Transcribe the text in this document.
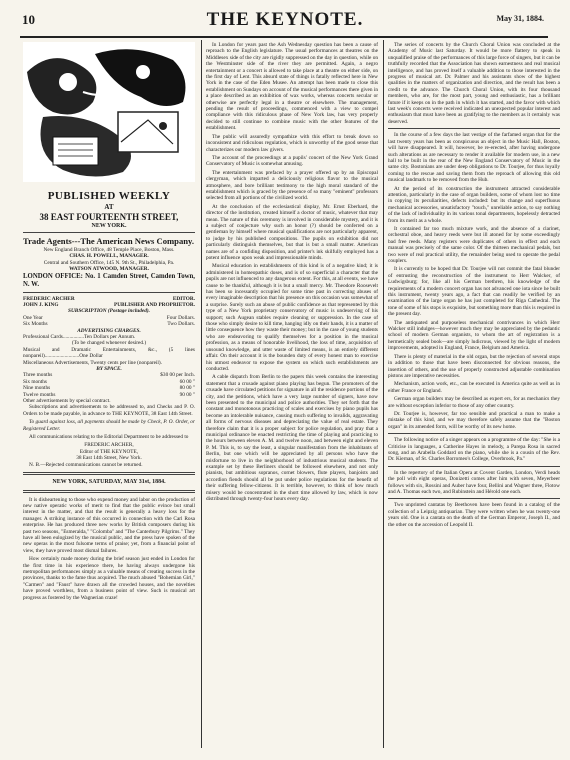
10	THE KEYNOTE.	May 31, 1884.
PUBLISHED WEEKLY
AT
38 EAST FOURTEENTH STREET,
NEW YORK.
Trade Agents---The American News Company.
New England Branch Office, 48 Temple Place, Boston, Mass.
CHAS. H. POWELL, MANAGER.
Central and Southern Office, 145 N. 9th St., Philadelphia, Pa.
WATSON ATWOOD, MANAGER.
LONDON OFFICE: No. 1 Camden Street, Camden Town, N. W.
FREDERIC ARCHER	EDITOR.
JOHN J. KING	PUBLISHER AND PROPRIETOR.
SUBSCRIPTION (Postage included).
One Year	Four Dollars.
Six Months	Two Dollars.
ADVERTISING CHARGES.
Professional Cards................Ten Dollars per Annum.
(To be changed whenever desired.)
Musical and Dramatic Entertainments, &c., (5 lines nonpareil)..........................One Dollar
Miscellaneous Advertisements, Twenty cents per line (nonpareil).
BY SPACE.
Three months	$30 00 per Inch.
Six months	60 00 "
Nine months	80 00 "
Twelve months	90 00 "
Other advertisements by special contract.

Subscriptions and advertisements to be addressed to, and Checks and P. O. Orders to be made payable, in advance to THE KEYNOTE, 38 East 14th Street.

To guard against loss, all payments should be made by Check, P. O. Order, or Registered Letter.

All communications relating to the Editorial Department to be addressed to

FREDERIC ARCHER,
Editor of THE KEYNOTE,
38 East 14th Street, New York.

N. B.—Rejected communications cannot be returned.

NEW YORK, SATURDAY, MAY 31st, 1884.

It is disheartening to those who expend money and labor on the production of new native operatic works of merit to find that the public evince but small interest in the matter, and that the result is generally a heavy loss for the manager. A striking instance of this occurred in connection with the Carl Rosa enterprise. He has produced three new works by British composers during his past two seasons, "Esmeralda," "Colomba" and "The Canterbury Pilgrims." They have all been eulogized by the musical public, and the press have spoken of the new operas in the most fulsome terms of praise; yet, from a financial point of view, they have proved most dismal failures.

How certainly made money during the brief season just ended in London for the first time in his experience there, he having always undergone his metropolitan performances simply as a valuable means of creating success in the provinces, thanks to the fame thus acquired. The much abused "Bohemian Girl," "Carmen" and "Faust" have drawn all the crowded houses, and the novelties have proved worthless, from a business point of view. Such is musical art progress as fostered by the Wagnerian craze!

In London for years past the Ash Wednesday question has been a cause of reproach to the English legislature. The usual performances at theatres on the Middlesex side of the city are rigidly suppressed on the day in question, while on the Westminster side of the river they are permitted. Again, a negro entertainment or a concert is allowed to take place at a theatre on either side, on the first day of Lent. This absurd state of things is fatally reflected here in New York in the case of the Eden Musee. An attempt has been made to close this establishment on Sundays on account of the musical performances there given in a place described as an exhibition of wax works, whereas concerts secular or otherwise are perfectly legal in a theatre or elsewhere. The management, pending the result of proceedings, commenced with a view to compel compliance with this ridiculous phase of New York law, has very properly decided to still continue to combine music with the other features of the establishment.

The public will assuredly sympathize with this effort to break down so inconsistent and ridiculous regulation, which is unworthy of the good sense that characterizes our modern law givers.

The account of the proceedings at a pupils' concert of the New York Grand Conservatory of Music is somewhat amusing.

The entertainment was prefaced by a prayer offered up by an Episcopal clergyman, which imparted a deliciously religious flavor to the musical atmosphere, and bore brilliant testimony to the high moral standard of the establishment which is graced by the presence of so many "eminent" professors selected from all portions of the civilized world.

At the conclusion of the ecclesiastical display, Mr. Ernst Eberhard, the director of the institution, created himself a doctor of music, whatever that may mean. The nature of this ceremony is involved in considerable mystery, and it is a subject of conjecture why such an honor (?) should be conferred on a gentleman by himself where musical qualifications are not particularly apparent, to judge by his published compositions. The pupils on exhibition did not particularly distinguish themselves, but that is but a small matter. American names are of a confiding disposition, and printer's ink skilfully employed has a potent influence upon weak and impressionable minds.

Musical education in establishments of this kind is of a negative kind; it is administered in homeopathic doses, and is of so superficial a character that the pupils are not influenced to any dangerous extent. For this, at all events, we have cause to be thankful, although it is but a small mercy. Mr. Theodore Roosevelt has been so incessantly occupied for some time past in correcting abuses of every imaginable description that his presence on this occasion was somewhat of a surprise. Surely such an abuse of public confidence as that represented by this type of a New York proprietary conservatory of music is undeserving of his support; such Augean stables require cleaning or suppression. In the case of those who simply desire to kill time, hanging idly on their hands, it is a matter of little consequence how they waste their money; but in the case of young students who are endeavoring to qualify themselves for a position in the musical profession, as a means of honorable livelihood, the loss of time, acquisition of unsound knowledge, and utter waste of limited means, is an entirely different affair. On their account it is the bounden duty of every honest man to exercise his utmost endeavor to expose the system on which such establishments are conducted.

A cable dispatch from Berlin to the papers this week contains the interesting statement that a crusade against piano playing has begun. The promoters of the crusade have circulated petitions for signature in all the residence portions of the city, and the petitions, which have a very large number of signers, have now been presented to the municipal and police authorities. They set forth that the constant and monotonous practicing of scales and exercises by piano pupils has become an intolerable nuisance, causing much suffering to invalids, aggravating all forms of nervous diseases and depreciating the value of real estate. They therefore claim that it is a proper subject for police regulation, and pray that a municipal ordinance be enacted restricting the time of playing and practicing to the hours between eleven A. M. and twelve noon, and between eight and eleven P. M. This is, to say the least, a singular manifestation from the inhabitants of Berlin, but one which will be appreciated by all persons who have the misfortune to live in the neighborhood of industrious musical students. The example set by these Berliners should be followed elsewhere, and not only pianists, but ambitious sopranos, cornet blowers, flute players, banjoists and accordion fiends should all be put under police regulations for the benefit of their suffering fellow-citizens. It is terrible, however, to think of how much misery would be concentrated in the short time allowed by law, which is now distributed through twenty-four hours every day.

The series of concerts by the Church Choral Union was concluded at the Academy of Music last Saturday. It would be more flattery to speak in unqualified praise of the performances of this large force of singers, but it can be truthfully recorded that the Association has shown earnestness and real musical intelligence, and has proved itself a valuable addition to those interested in the progress of musical art. Dr. Palmer and his assistants show of the highest qualities in the matters of organization and direction, and the result has been a credit to the advance. The Church Choral Union, with its four thousand members, who are, for the most part, young and enthusiastic, has a brilliant future if it keeps on in the path in which it has started, and the favor with which last week's concerts were received indicated an unexpected popular interest and enthusiasm that must have been as gratifying to the members as it certainly was deserved.

In the course of a few days the last vestige of the farfamed organ that for the last twenty years has been as conspicuous an object in the Music Hall, Boston, will have disappeared. It will, however, be re-erected, after having undergone such alterations as are necessary to render it available for modern use, in a new hall to be built in the rear of the New England Conservatory of Music in the same city. Bostonians are under deep obligations to Dr. Tourjee, for thus loyally coming to the rescue and saving them from the reproach of allowing this old musical landmark to be removed from the Hub.

At the period of its construction the instrument attracted considerable attention, particularly in the case of organ builders, some of whom lost no time in copying its peculiarities, defects included: but its change and superfluous mechanical accessories, unsatisfactory "touch," unreliable action, to say nothing of the lack of individuality in its various tonal departments, hopelessly detracted from its merit as a whole.

It contained far too much mixture work, and the absence of a clarinet, orchestral oboe, and heavy reeds were but ill atoned for by some exceedingly bad free reeds. Many registers were duplicates of others in effect and each manual was precisely of the same color. Of the thirteen mechanical pedals, but two were of real practical utility, the remainder being used to operate the pedal couplers.

It is currently to be hoped that Dr. Tourjee will not commit the fatal blunder of entrusting the reconstruction of the instrument to Herr Walcker, of Ludwigsburg; for, like all his German brethren, his knowledge of the requirements of a modern concert organ has not advanced one iota since he built this instrument, twenty years ago, a fact that can readily be verified by an examination of the large organ he has just completed for Riga Cathedral. The tone of some of his stops is exquisite, but something more than this is required in the present day.

The antiquated and purposeless mechanical contrivances in which Herr Walcker still indulges—however much they may be appreciated by the pedantic school of modern German organists, to whom the art of registration is a hermetically sealed book—are simply ludicrous, viewed by the light of modern improvements, adopted in England, France, Belgium and America.

There is plenty of material in the old organ, but the rejection of several stops in addition to those that have been disconnected for obvious reasons, the insertion of others, and the use of properly constructed adjustable combination pistons are imperative necessities.

Mechanism, action work, etc., can be executed in America quite as well as in either France or England.

German organ builders may be described as expert ers, for as mechanics they are without exception inferior to those of any other country.

Dr. Tourjee is, however, far too sensible and practical a man to make a mistake of this kind, and we may therefore safely assume that the "Boston organ" in its amended form, will be worthy of its new home.

The following notice of a singer appears on a programme of the day: "She is a Criticise in languages, a Catherine Hayes in melody, a Parepa Rosa in sacred song, and an Arabella Goddard on the piano, while she is a cousin of the Rev. Dr. Kiernan, of St. Charles Borromeo's College, Overbrook, Pa."

In the repertory of the Italian Opera at Covent Garden, London, Verdi heads the poll with eight operas, Donizetti comes after him with seven, Meyerbeer follows with six, Rossini and Auber have four, Bellini and Wagner three, Flotow and A. Thomas each two, and Rubinstein and Hérold one each.

Two unprinted cantatas by Beethoven have been found in a catalog of the collection of a Leipzig antiquarian. They were written when he was twenty-one years old. One is a cantata on the death of the German Emperor, Joseph II., and the other on the accession of Leopold II.
